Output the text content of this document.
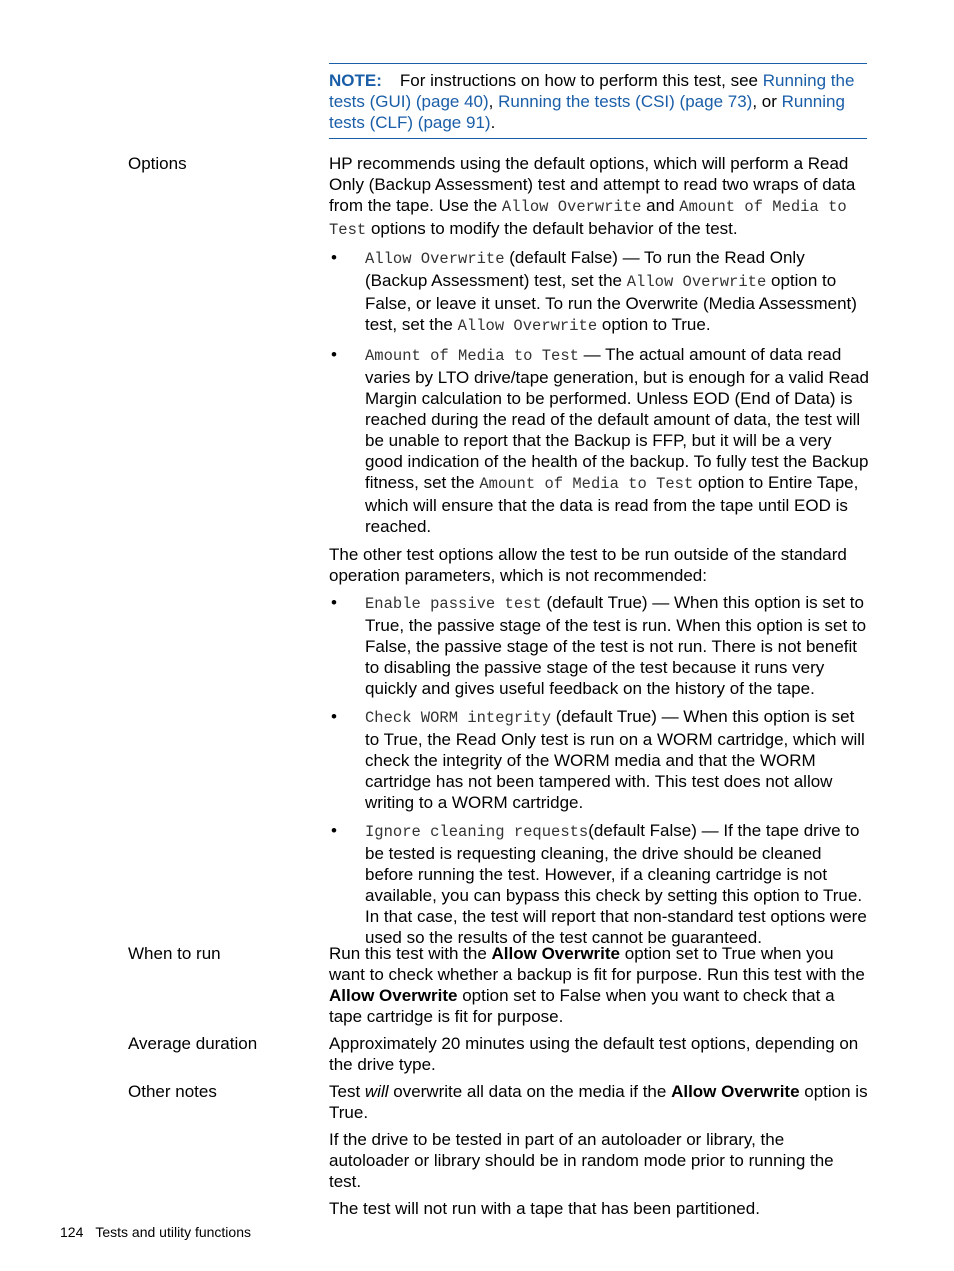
NOTE: For instructions on how to perform this test, see Running the tests (GUI) (page 40), Running the tests (CSI) (page 73), or Running tests (CLF) (page 91).
Options	HP recommends using the default options, which will perform a Read Only (Backup Assessment) test and attempt to read two wraps of data from the tape. Use the Allow Overwrite and Amount of Media to Test options to modify the default behavior of the test.

• Allow Overwrite (default False) — To run the Read Only (Backup Assessment) test, set the Allow Overwrite option to False, or leave it unset. To run the Overwrite (Media Assessment) test, set the Allow Overwrite option to True.
• Amount of Media to Test — The actual amount of data read varies by LTO drive/tape generation, but is enough for a valid Read Margin calculation to be performed. Unless EOD (End of Data) is reached during the read of the default amount of data, the test will be unable to report that the Backup is FFP, but it will be a very good indication of the health of the backup. To fully test the Backup fitness, set the Amount of Media to Test option to Entire Tape, which will ensure that the data is read from the tape until EOD is reached.

The other test options allow the test to be run outside of the standard operation parameters, which is not recommended:

• Enable passive test (default True) — When this option is set to True, the passive stage of the test is run. When this option is set to False, the passive stage of the test is not run. There is not benefit to disabling the passive stage of the test because it runs very quickly and gives useful feedback on the history of the tape.
• Check WORM integrity (default True) — When this option is set to True, the Read Only test is run on a WORM cartridge, which will check the integrity of the WORM media and that the WORM cartridge has not been tampered with. This test does not allow writing to a WORM cartridge.
• Ignore cleaning requests(default False) — If the tape drive to be tested is requesting cleaning, the drive should be cleaned before running the test. However, if a cleaning cartridge is not available, you can bypass this check by setting this option to True. In that case, the test will report that non-standard test options were used so the results of the test cannot be guaranteed.
When to run	Run this test with the Allow Overwrite option set to True when you want to check whether a backup is fit for purpose. Run this test with the Allow Overwrite option set to False when you want to check that a tape cartridge is fit for purpose.

Average duration	Approximately 20 minutes using the default test options, depending on the drive type.

Other notes	Test will overwrite all data on the media if the Allow Overwrite option is True.

If the drive to be tested in part of an autoloader or library, the autoloader or library should be in random mode prior to running the test.

The test will not run with a tape that has been partitioned.

124 Tests and utility functions
